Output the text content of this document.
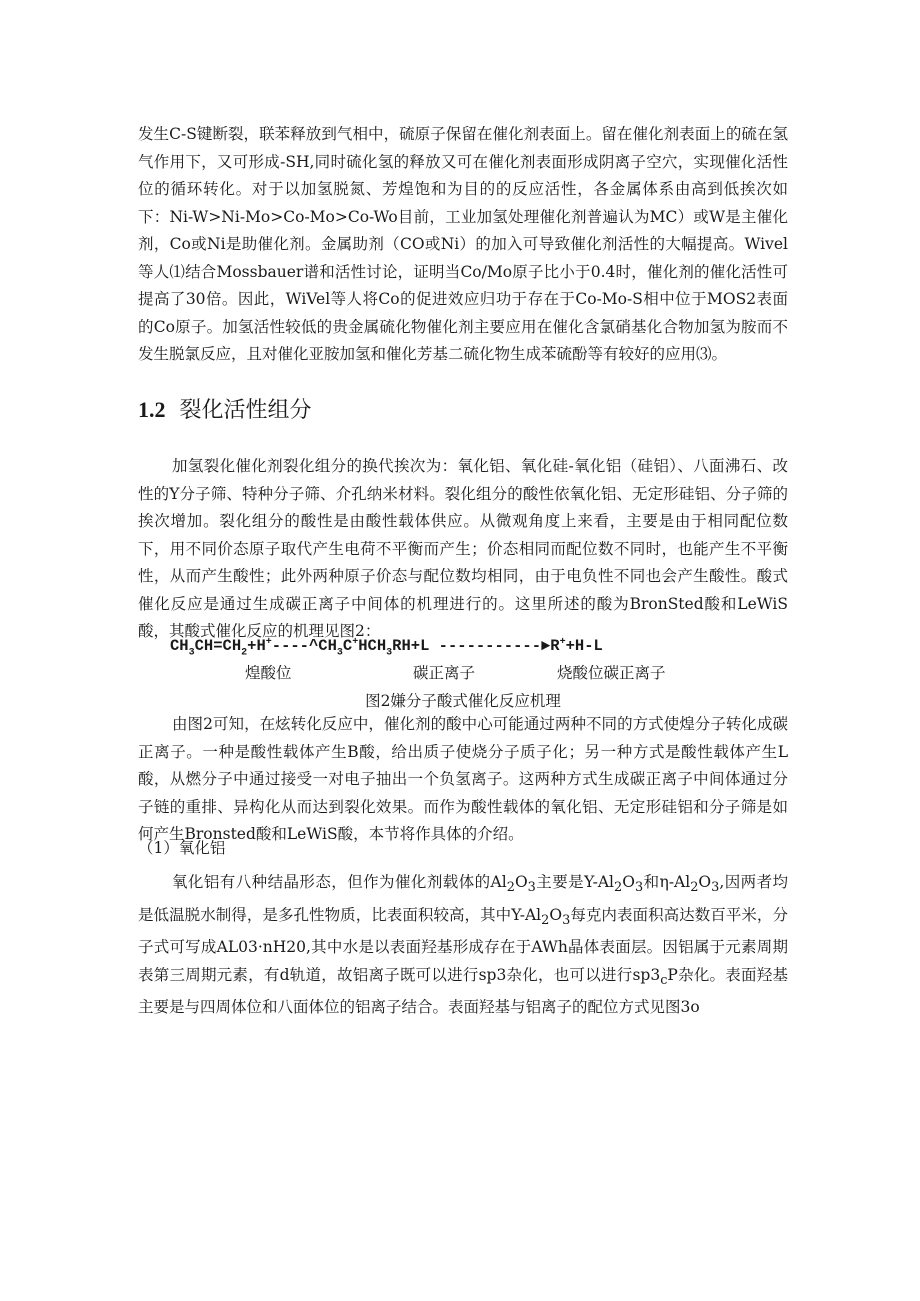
发生C-S键断裂，联苯释放到气相中，硫原子保留在催化剂表面上。留在催化剂表面上的硫在氢气作用下，又可形成-SH,同时硫化氢的释放又可在催化剂表面形成阴离子空穴，实现催化活性位的循环转化。对于以加氢脱氮、芳煌饱和为目的的反应活性，各金属体系由高到低挨次如下：Ni-W>Ni-Mo>Co-Mo>Co-Wo目前，工业加氢处理催化剂普遍认为MC）或W是主催化剂，Co或Ni是助催化剂。金属助剂（CO或Ni）的加入可导致催化剂活性的大幅提高。Wivel等人⑴结合Mossbauer谱和活性讨论，证明当Co/Mo原子比小于0.4时，催化剂的催化活性可提高了30倍。因此，WiVel等人将Co的促进效应归功于存在于Co-Mo-S相中位于MOS2表面的Co原子。加氢活性较低的贵金属硫化物催化剂主要应用在催化含氯硝基化合物加氢为胺而不发生脱氯反应，且对催化亚胺加氢和催化芳基二硫化物生成苯硫酚等有较好的应用⑶。

1.2 裂化活性组分

加氢裂化催化剂裂化组分的换代挨次为：氧化铝、氧化硅-氧化铝（硅铝）、八面沸石、改性的Y分子筛、特种分子筛、介孔纳米材料。裂化组分的酸性依氧化铝、无定形硅铝、分子筛的挨次增加。裂化组分的酸性是由酸性载体供应。从微观角度上来看，主要是由于相同配位数下，用不同价态原子取代产生电荷不平衡而产生；价态相同而配位数不同时，也能产生不平衡性，从而产生酸性；此外两种原子价态与配位数均相同，由于电负性不同也会产生酸性。酸式催化反应是通过生成碳正离子中间体的机理进行的。这里所述的酸为BronSted酸和LeWiS酸，其酸式催化反应的机理见图2：

$CH_3CH=CH_2+H^+----\^{}CH_3C^+HCH_3RH+L$ -----------►R++H-L

煌酸位	碳正离子	烧酸位碳正离子

图2嫌分子酸式催化反应机理

由图2可知，在炫转化反应中，催化剂的酸中心可能通过两种不同的方式使煌分子转化成碳正离子。一种是酸性载体产生B酸，给出质子使烧分子质子化；另一种方式是酸性载体产生L酸，从燃分子中通过接受一对电子抽出一个负氢离子。这两种方式生成碳正离子中间体通过分子链的重排、异构化从而达到裂化效果。而作为酸性载体的氧化铝、无定形硅铝和分子筛是如何产生Bronsted酸和LeWiS酸，本节将作具体的介绍。

（1）氧化铝

氧化铝有八种结晶形态，但作为催化剂载体的$Al_2O_3$主要是$Y-Al_2O_3$和$\eta-Al_2O_3$,因两者均是低温脱水制得，是多孔性物质，比表面积较高，其中$Y-Al_2O_3$每克内表面积高达数百平米，分子式可写成AL03·nH20,其中水是以表面羟基形成存在于AWh晶体表面层。因铝属于元素周期表第三周期元素，有d轨道，故铝离子既可以进行sp3杂化，也可以进行$sp3_cP$杂化。表面羟基主要是与四周体位和八面体位的铝离子结合。表面羟基与铝离子的配位方式见图3o
